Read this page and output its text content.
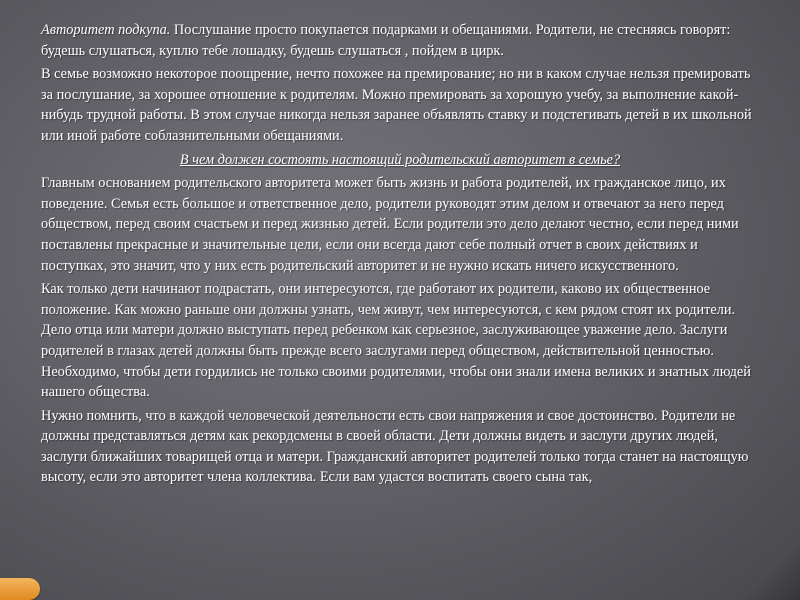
Авторитет подкупа. Послушание просто покупается подарками и обещаниями. Родители, не стесняясь говорят: будешь слушаться, куплю тебе лошадку, будешь слушаться , пойдем в цирк.

В семье возможно некоторое поощрение, нечто похожее на премирование; но ни в каком случае нельзя премировать за послушание, за хорошее отношение к родителям. Можно премировать за хорошую учебу, за выполнение какой-нибудь трудной работы. В этом случае никогда нельзя заранее объявлять ставку и подстегивать детей в их школьной или иной работе соблазнительными обещаниями.

В чем должен состоять настоящий родительский авторитет в семье?

Главным основанием родительского авторитета может быть жизнь и работа родителей, их гражданское лицо, их поведение. Семья есть большое и ответственное дело, родители руководят этим делом и отвечают за него перед обществом, перед своим счастьем и перед жизнью детей. Если родители это дело делают честно, если перед ними поставлены прекрасные и значительные цели, если они всегда дают себе полный отчет в своих действиях и поступках, это значит, что у них есть родительский авторитет и не нужно искать ничего искусственного.

Как только дети начинают подрастать, они интересуются, где работают их родители, каково их общественное положение. Как можно раньше они должны узнать, чем живут, чем интересуются, с кем рядом стоят их родители. Дело отца или матери должно выступать перед ребенком как серьезное, заслуживающее уважение дело. Заслуги родителей в глазах детей должны быть прежде всего заслугами перед обществом, действительной ценностью. Необходимо, чтобы дети гордились не только своими родителями, чтобы они знали имена великих и знатных людей нашего общества.

Нужно помнить, что в каждой человеческой деятельности есть свои напряжения и свое достоинство. Родители не должны представляться детям как рекордсмены в своей области. Дети должны видеть и заслуги других людей, заслуги ближайших товарищей отца и матери. Гражданский авторитет родителей только тогда станет на настоящую высоту, если это авторитет члена коллектива. Если вам удастся воспитать своего сына так,
